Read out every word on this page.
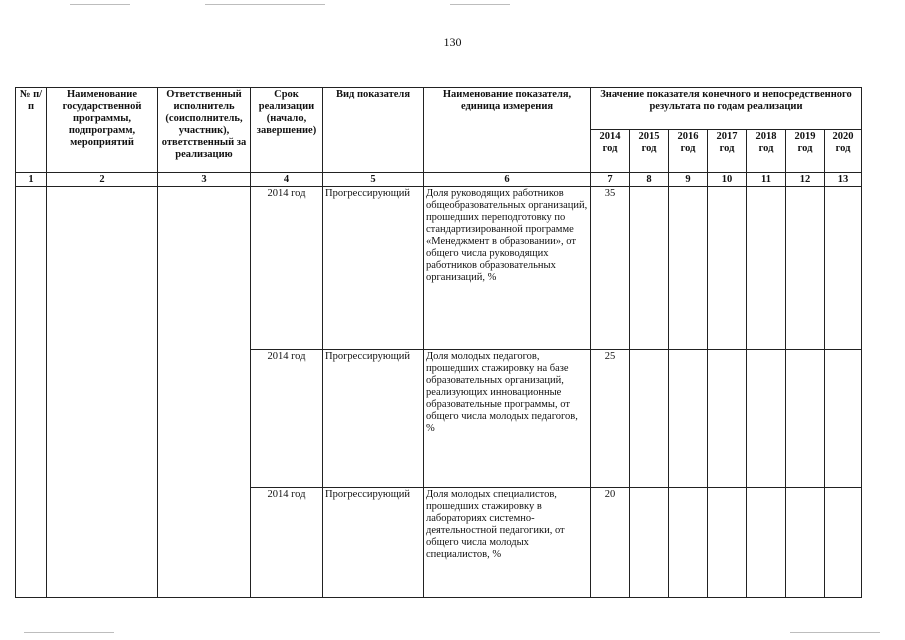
130
№ п/п	Наименование государственной программы, подпрограмм, мероприятий	Ответственный исполнитель (соисполнитель, участник), ответственный за реализацию	Срок реализации (начало, завершение)	Вид показателя	Наименование показателя, единица измерения	Значение показателя конечного и непосредственного результата по годам реализации						
						2014 год	2015 год	2016 год	2017 год	2018 год	2019 год	2020 год
1	2	3	4	5	6	7	8	9	10	11	12	13
			2014 год	Прогрессирующий	Доля руководящих работников общеобразовательных организаций, прошедших переподготовку по стандартизированной программе «Менеджмент в образовании», от общего числа руководящих работников образовательных организаций, %	35						
			2014 год	Прогрессирующий	Доля молодых педагогов, прошедших стажировку на базе образовательных организаций, реализующих инновационные образовательные программы, от общего числа молодых педагогов, %	25						
			2014 год	Прогрессирующий	Доля молодых специалистов, прошедших стажировку в лабораториях системно-деятельностной педагогики, от общего числа молодых специалистов, %	20						
